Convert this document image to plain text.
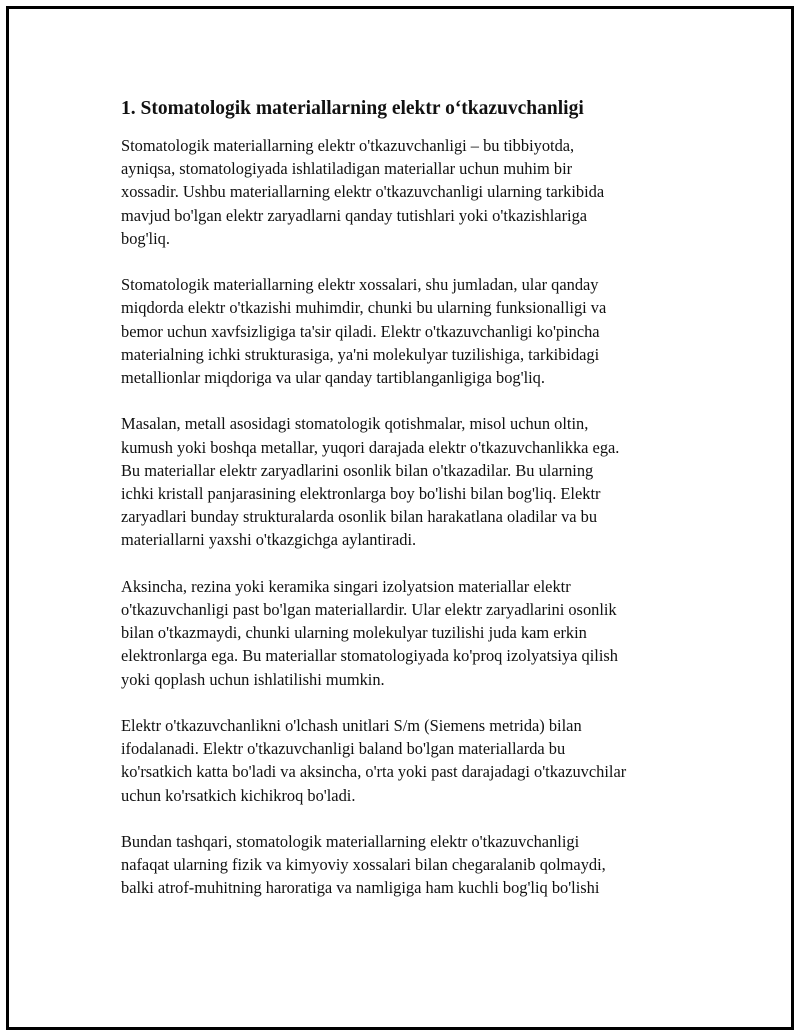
1. Stomatologik materiallarning elektr o‘tkazuvchanligi

Stomatologik materiallarning elektr o'tkazuvchanligi – bu tibbiyotda,
ayniqsa, stomatologiyada ishlatiladigan materiallar uchun muhim bir
xossadir. Ushbu materiallarning elektr o'tkazuvchanligi ularning tarkibida
mavjud bo'lgan elektr zaryadlarni qanday tutishlari yoki o'tkazishlariga
bog'liq.

Stomatologik materiallarning elektr xossalari, shu jumladan, ular qanday
miqdorda elektr o'tkazishi muhimdir, chunki bu ularning funksionalligi va
bemor uchun xavfsizligiga ta'sir qiladi. Elektr o'tkazuvchanligi ko'pincha
materialning ichki strukturasiga, ya'ni molekulyar tuzilishiga, tarkibidagi
metallionlar miqdoriga va ular qanday tartiblanganligiga bog'liq.

Masalan, metall asosidagi stomatologik qotishmalar, misol uchun oltin,
kumush yoki boshqa metallar, yuqori darajada elektr o'tkazuvchanlikka ega.
Bu materiallar elektr zaryadlarini osonlik bilan o'tkazadilar. Bu ularning
ichki kristall panjarasining elektronlarga boy bo'lishi bilan bog'liq. Elektr
zaryadlari bunday strukturalarda osonlik bilan harakatlana oladilar va bu
materiallarni yaxshi o'tkazgichga aylantiradi.

Aksincha, rezina yoki keramika singari izolyatsion materiallar elektr
o'tkazuvchanligi past bo'lgan materiallardir. Ular elektr zaryadlarini osonlik
bilan o'tkazmaydi, chunki ularning molekulyar tuzilishi juda kam erkin
elektronlarga ega. Bu materiallar stomatologiyada ko'proq izolyatsiya qilish
yoki qoplash uchun ishlatilishi mumkin.

Elektr o'tkazuvchanlikni o'lchash unitlari S/m (Siemens metrida) bilan
ifodalanadi. Elektr o'tkazuvchanligi baland bo'lgan materiallarda bu
ko'rsatkich katta bo'ladi va aksincha, o'rta yoki past darajadagi o'tkazuvchilar
uchun ko'rsatkich kichikroq bo'ladi.

Bundan tashqari, stomatologik materiallarning elektr o'tkazuvchanligi
nafaqat ularning fizik va kimyoviy xossalari bilan chegaralanib qolmaydi,
balki atrof-muhitning haroratiga va namligiga ham kuchli bog'liq bo'lishi
